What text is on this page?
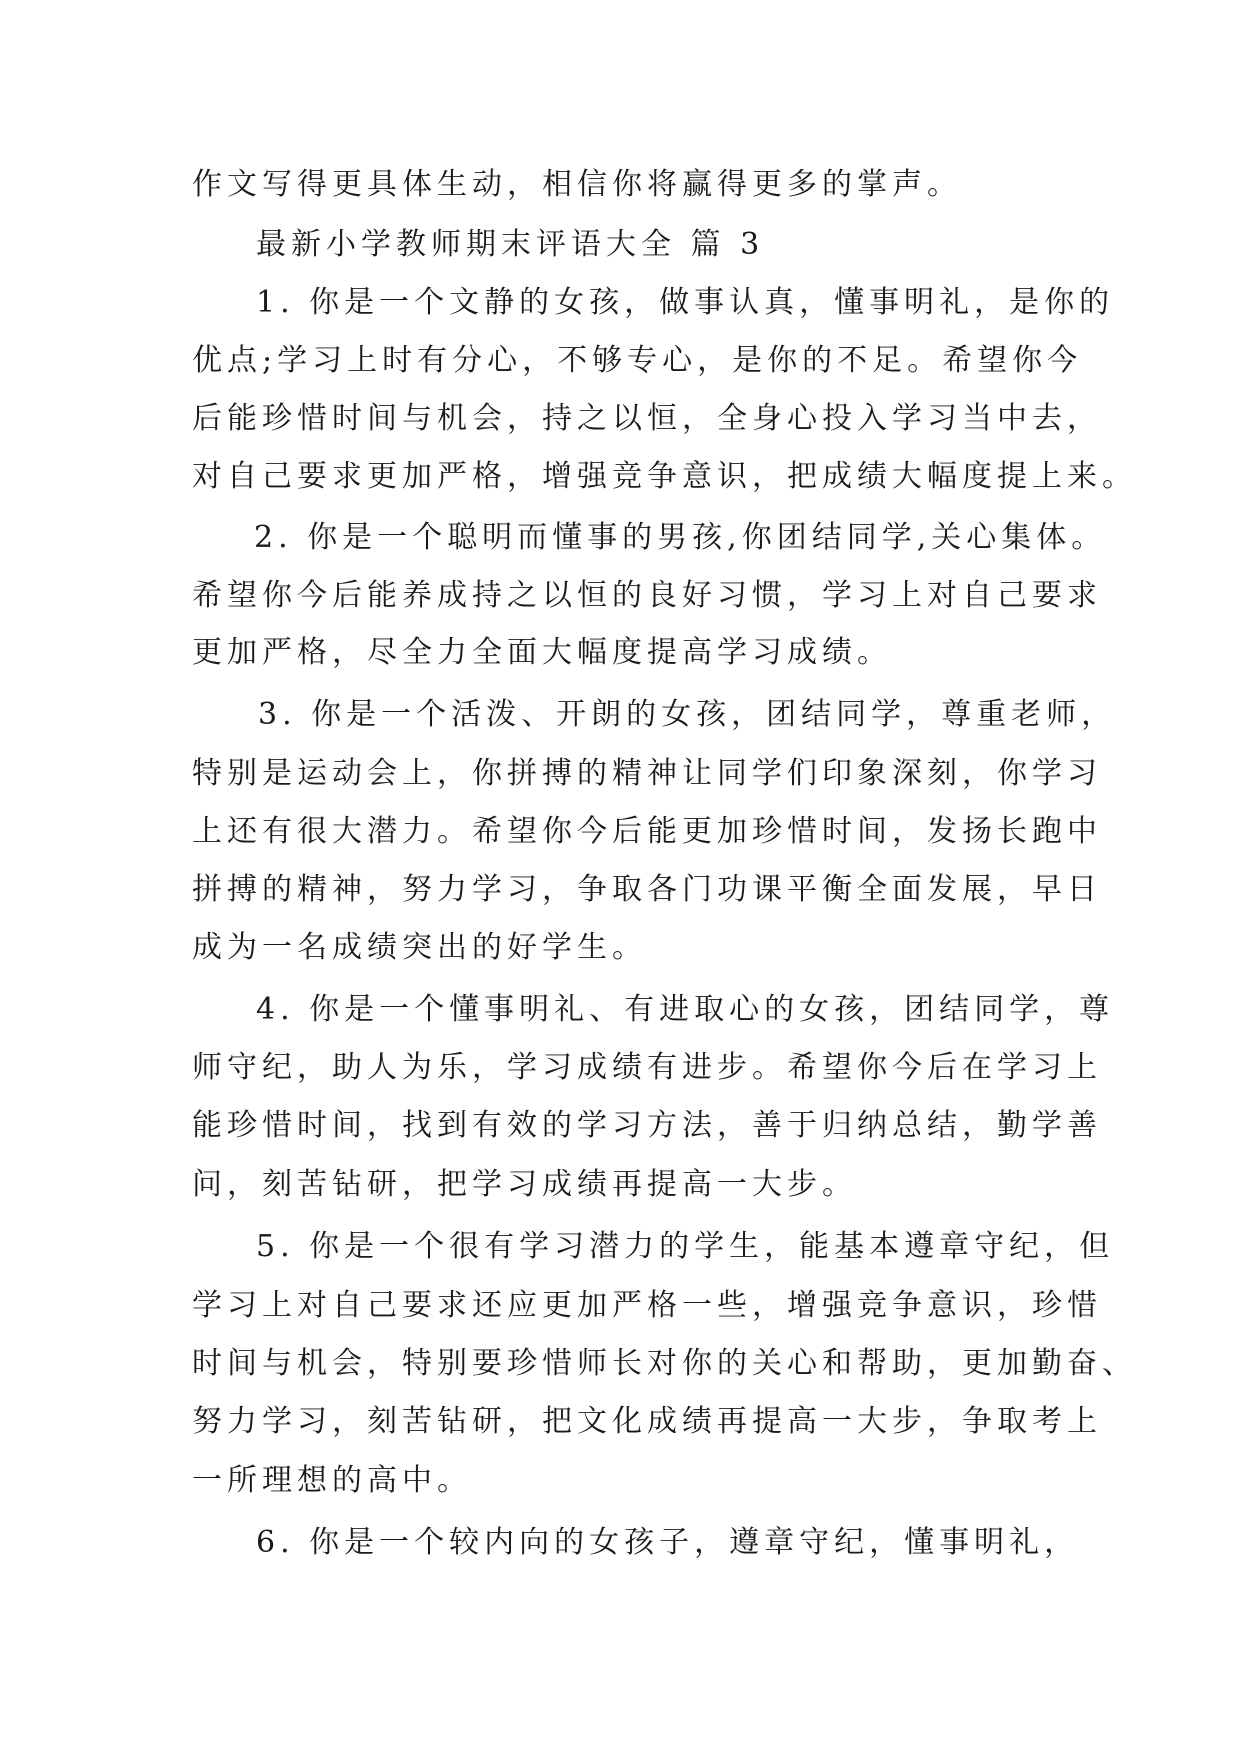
作文写得更具体生动，相信你将赢得更多的掌声。
最新小学教师期末评语大全 篇 3
1. 你是一个文静的女孩，做事认真，懂事明礼，是你的
优点;学习上时有分心，不够专心，是你的不足。希望你今
后能珍惜时间与机会，持之以恒，全身心投入学习当中去，
对自己要求更加严格，增强竞争意识，把成绩大幅度提上来。
2. 你是一个聪明而懂事的男孩,你团结同学,关心集体。
希望你今后能养成持之以恒的良好习惯，学习上对自己要求
更加严格，尽全力全面大幅度提高学习成绩。
3. 你是一个活泼、开朗的女孩，团结同学，尊重老师，
特别是运动会上，你拼搏的精神让同学们印象深刻，你学习
上还有很大潜力。希望你今后能更加珍惜时间，发扬长跑中
拼搏的精神，努力学习，争取各门功课平衡全面发展，早日
成为一名成绩突出的好学生。
4. 你是一个懂事明礼、有进取心的女孩，团结同学，尊
师守纪，助人为乐，学习成绩有进步。希望你今后在学习上
能珍惜时间，找到有效的学习方法，善于归纳总结，勤学善
问，刻苦钻研，把学习成绩再提高一大步。
5. 你是一个很有学习潜力的学生，能基本遵章守纪，但
学习上对自己要求还应更加严格一些，增强竞争意识，珍惜
时间与机会，特别要珍惜师长对你的关心和帮助，更加勤奋、
努力学习，刻苦钻研，把文化成绩再提高一大步，争取考上
一所理想的高中。
6. 你是一个较内向的女孩子，遵章守纪，懂事明礼，
